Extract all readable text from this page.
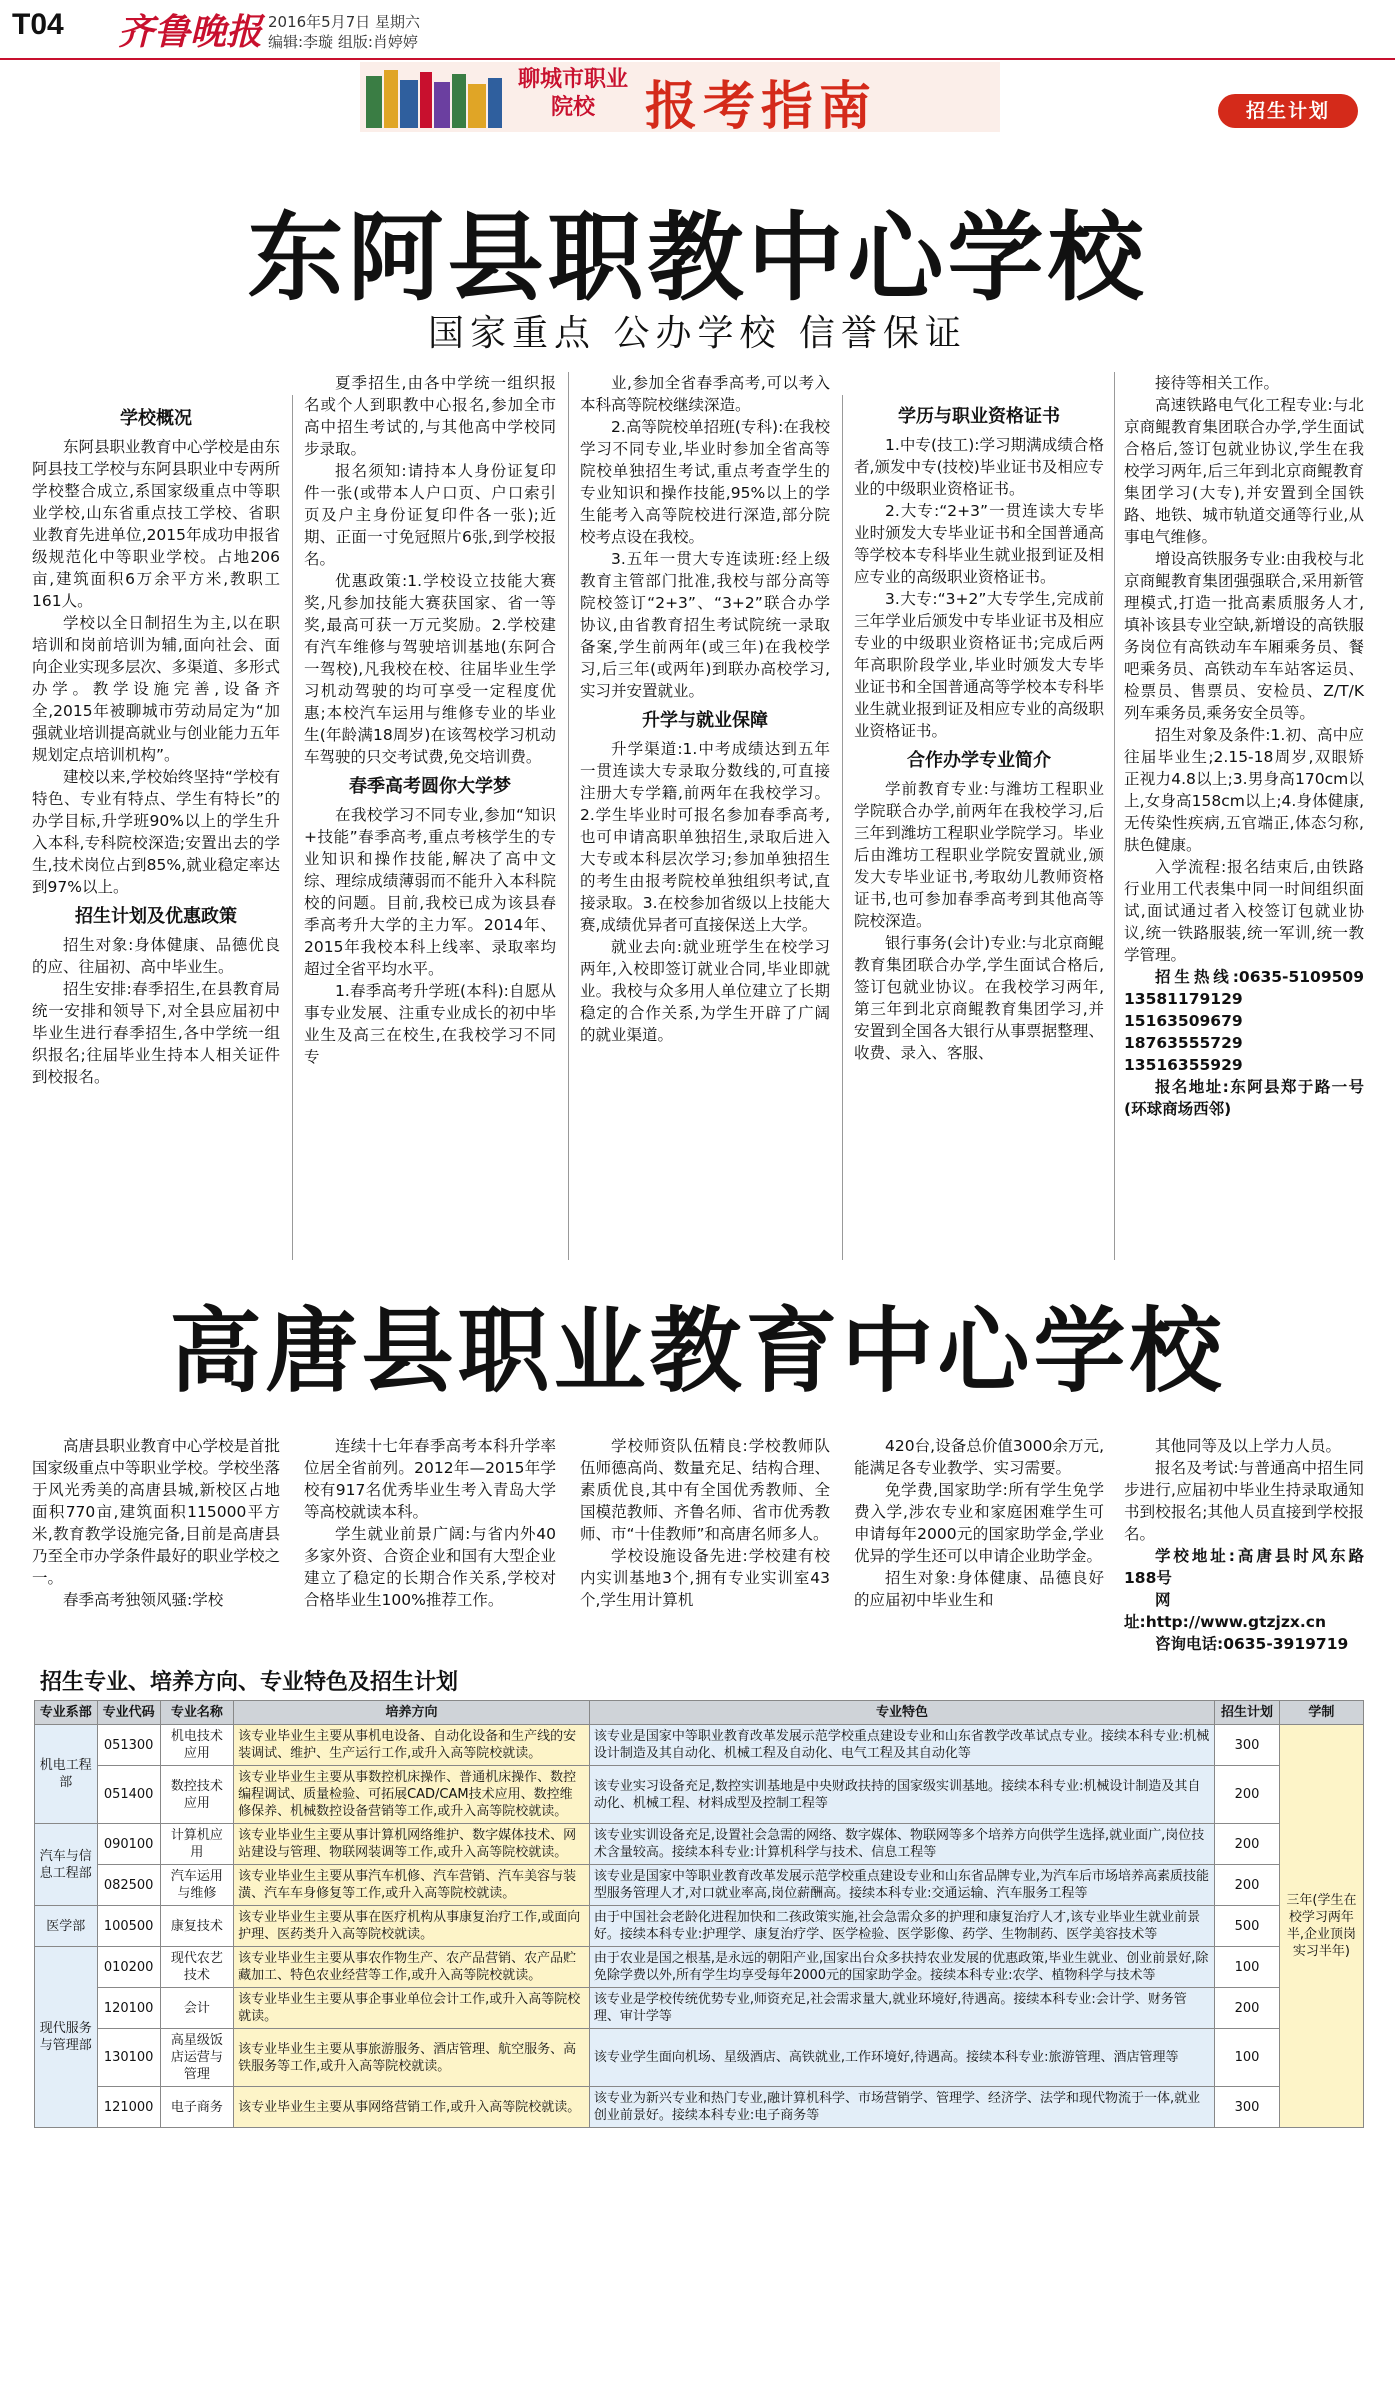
T04 齐鲁晚报 2016年5月7日 星期六
编辑:李璇 组版:肖婷婷
聊城市职业院校 报考指南	招生计划
东阿县职教中心学校
国家重点 公办学校 信誉保证
学校概况

东阿县职业教育中心学校是由东阿县技工学校与东阿县职业中专两所学校整合成立,系国家级重点中等职业学校,山东省重点技工学校、省职业教育先进单位,2015年成功申报省级规范化中等职业学校。占地206亩,建筑面积6万余平方米,教职工161人。

学校以全日制招生为主,以在职培训和岗前培训为辅,面向社会、面向企业实现多层次、多渠道、多形式办学。教学设施完善,设备齐全,2015年被聊城市劳动局定为“加强就业培训提高就业与创业能力五年规划定点培训机构”。

建校以来,学校始终坚持“学校有特色、专业有特点、学生有特长”的办学目标,升学班90%以上的学生升入本科,专科院校深造;安置出去的学生,技术岗位占到85%,就业稳定率达到97%以上。

招生计划及优惠政策

招生对象:身体健康、品德优良的应、往届初、高中毕业生。

招生安排:春季招生,在县教育局统一安排和领导下,对全县应届初中毕业生进行春季招生,各中学统一组织报名;往届毕业生持本人相关证件到校报名。

夏季招生,由各中学统一组织报名或个人到职教中心报名,参加全市高中招生考试的,与其他高中学校同步录取。

报名须知:请持本人身份证复印件一张(或带本人户口页、户口索引页及户主身份证复印件各一张);近期、正面一寸免冠照片6张,到学校报名。

优惠政策:1.学校设立技能大赛奖,凡参加技能大赛获国家、省一等奖,最高可获一万元奖励。2.学校建有汽车维修与驾驶培训基地(东阿合一驾校),凡我校在校、往届毕业生学习机动驾驶的均可享受一定程度优惠;本校汽车运用与维修专业的毕业生(年龄满18周岁)在该驾校学习机动车驾驶的只交考试费,免交培训费。

春季高考圆你大学梦

在我校学习不同专业,参加“知识+技能”春季高考,重点考核学生的专业知识和操作技能,解决了高中文综、理综成绩薄弱而不能升入本科院校的问题。目前,我校已成为该县春季高考升大学的主力军。2014年、2015年我校本科上线率、录取率均超过全省平均水平。

1.春季高考升学班(本科):自愿从事专业发展、注重专业成长的初中毕业生及高三在校生,在我校学习不同专

业,参加全省春季高考,可以考入本科高等院校继续深造。

2.高等院校单招班(专科):在我校学习不同专业,毕业时参加全省高等院校单独招生考试,重点考查学生的专业知识和操作技能,95%以上的学生能考入高等院校进行深造,部分院校考点设在我校。

3.五年一贯大专连读班:经上级教育主管部门批准,我校与部分高等院校签订“2+3”、“3+2”联合办学协议,由省教育招生考试院统一录取备案,学生前两年(或三年)在我校学习,后三年(或两年)到联办高校学习,实习并安置就业。

升学与就业保障

升学渠道:1.中考成绩达到五年一贯连读大专录取分数线的,可直接注册大专学籍,前两年在我校学习。2.学生毕业时可报名参加春季高考,也可申请高职单独招生,录取后进入大专或本科层次学习;参加单独招生的考生由报考院校单独组织考试,直接录取。3.在校参加省级以上技能大赛,成绩优异者可直接保送上大学。

就业去向:就业班学生在校学习两年,入校即签订就业合同,毕业即就业。我校与众多用人单位建立了长期稳定的合作关系,为学生开辟了广阔的就业渠道。

学历与职业资格证书

1.中专(技工):学习期满成绩合格者,颁发中专(技校)毕业证书及相应专业的中级职业资格证书。

2.大专:“2+3”一贯连读大专毕业时颁发大专毕业证书和全国普通高等学校本专科毕业生就业报到证及相应专业的高级职业资格证书。

3.大专:“3+2”大专学生,完成前三年学业后颁发中专毕业证书及相应专业的中级职业资格证书;完成后两年高职阶段学业,毕业时颁发大专毕业证书和全国普通高等学校本专科毕业生就业报到证及相应专业的高级职业资格证书。

合作办学专业简介

学前教育专业:与潍坊工程职业学院联合办学,前两年在我校学习,后三年到潍坊工程职业学院学习。毕业后由潍坊工程职业学院安置就业,颁发大专毕业证书,考取幼儿教师资格证书,也可参加春季高考到其他高等院校深造。

银行事务(会计)专业:与北京商鲲教育集团联合办学,学生面试合格后,签订包就业协议。在我校学习两年,第三年到北京商鲲教育集团学习,并安置到全国各大银行从事票据整理、收费、录入、客服、

接待等相关工作。

高速铁路电气化工程专业:与北京商鲲教育集团联合办学,学生面试合格后,签订包就业协议,学生在我校学习两年,后三年到北京商鲲教育集团学习(大专),并安置到全国铁路、地铁、城市轨道交通等行业,从事电气维修。

增设高铁服务专业:由我校与北京商鲲教育集团强强联合,采用新管理模式,打造一批高素质服务人才,填补该县专业空缺,新增设的高铁服务岗位有高铁动车车厢乘务员、餐吧乘务员、高铁动车车站客运员、检票员、售票员、安检员、Z/T/K列车乘务员,乘务安全员等。

招生对象及条件:1.初、高中应往届毕业生;2.15-18周岁,双眼矫正视力4.8以上;3.男身高170cm以上,女身高158cm以上;4.身体健康,无传染性疾病,五官端正,体态匀称,肤色健康。

入学流程:报名结束后,由铁路行业用工代表集中同一时间组织面试,面试通过者入校签订包就业协议,统一铁路服装,统一军训,统一教学管理。

招生热线:0635-5109509 13581179129 15163509679 18763555729 13516355929

报名地址:东阿县郑于路一号(环球商场西邻)

高唐县职业教育中心学校

高唐县职业教育中心学校是首批国家级重点中等职业学校。学校坐落于风光秀美的高唐县城,新校区占地面积770亩,建筑面积115000平方米,教育教学设施完备,目前是高唐县乃至全市办学条件最好的职业学校之一。

春季高考独领风骚:学校

连续十七年春季高考本科升学率位居全省前列。2012年—2015年学校有917名优秀毕业生考入青岛大学等高校就读本科。

学生就业前景广阔:与省内外40多家外资、合资企业和国有大型企业建立了稳定的长期合作关系,学校对合格毕业生100%推荐工作。

学校师资队伍精良:学校教师队伍师德高尚、数量充足、结构合理、素质优良,其中有全国优秀教师、全国模范教师、齐鲁名师、省市优秀教师、市“十佳教师”和高唐名师多人。

学校设施设备先进:学校建有校内实训基地3个,拥有专业实训室43个,学生用计算机

420台,设备总价值3000余万元,能满足各专业教学、实习需要。

免学费,国家助学:所有学生免学费入学,涉农专业和家庭困难学生可申请每年2000元的国家助学金,学业优异的学生还可以申请企业助学金。

招生对象:身体健康、品德良好的应届初中毕业生和

其他同等及以上学力人员。

报名及考试:与普通高中招生同步进行,应届初中毕业生持录取通知书到校报名;其他人员直接到学校报名。

学校地址:高唐县时风东路188号

网址:http://www.gtzjzx.cn

咨询电话:0635-3919719

招生专业、培养方向、专业特色及招生计划
专业系部	专业代码	专业名称	培养方向	专业特色	招生计划	学制
机电工程部	051300	机电技术应用	该专业毕业生主要从事机电设备、自动化设备和生产线的安装调试、维护、生产运行工作,或升入高等院校就读。	该专业是国家中等职业教育改革发展示范学校重点建设专业和山东省教学改革试点专业。接续本科专业:机械设计制造及其自动化、机械工程及自动化、电气工程及其自动化等	300	三年(学生在校学习两年半,企业顶岗实习半年)
	051400	数控技术应用	该专业毕业生主要从事数控机床操作、普通机床操作、数控编程调试、质量检验、可拓展CAD/CAM技术应用、数控维修保养、机械数控设备营销等工作,或升入高等院校就读。	该专业实习设备充足,数控实训基地是中央财政扶持的国家级实训基地。接续本科专业:机械设计制造及其自动化、机械工程、材料成型及控制工程等	200	
汽车与信息工程部	090100	计算机应用	该专业毕业生主要从事计算机网络维护、数字媒体技术、网站建设与管理、物联网装调等工作,或升入高等院校就读。	该专业实训设备充足,设置社会急需的网络、数字媒体、物联网等多个培养方向供学生选择,就业面广,岗位技术含量较高。接续本科专业:计算机科学与技术、信息工程等	200	
	082500	汽车运用与维修	该专业毕业生主要从事汽车机修、汽车营销、汽车美容与装潢、汽车车身修复等工作,或升入高等院校就读。	该专业是国家中等职业教育改革发展示范学校重点建设专业和山东省品牌专业,为汽车后市场培养高素质技能型服务管理人才,对口就业率高,岗位薪酬高。接续本科专业:交通运输、汽车服务工程等	200	
医学部	100500	康复技术	该专业毕业生主要从事在医疗机构从事康复治疗工作,或面向护理、医药类升入高等院校就读。	由于中国社会老龄化进程加快和二孩政策实施,社会急需众多的护理和康复治疗人才,该专业毕业生就业前景好。接续本科专业:护理学、康复治疗学、医学检验、医学影像、药学、生物制药、医学美容技术等	500	
现代服务与管理部	010200	现代农艺技术	该专业毕业生主要从事农作物生产、农产品营销、农产品贮藏加工、特色农业经营等工作,或升入高等院校就读。	由于农业是国之根基,是永远的朝阳产业,国家出台众多扶持农业发展的优惠政策,毕业生就业、创业前景好,除免除学费以外,所有学生均享受每年2000元的国家助学金。接续本科专业:农学、植物科学与技术等	100	
	120100	会计	该专业毕业生主要从事企事业单位会计工作,或升入高等院校就读。	该专业是学校传统优势专业,师资充足,社会需求量大,就业环境好,待遇高。接续本科专业:会计学、财务管理、审计学等	200	
	130100	高星级饭店运营与管理	该专业毕业生主要从事旅游服务、酒店管理、航空服务、高铁服务等工作,或升入高等院校就读。	该专业学生面向机场、星级酒店、高铁就业,工作环境好,待遇高。接续本科专业:旅游管理、酒店管理等	100	
	121000	电子商务	该专业毕业生主要从事网络营销工作,或升入高等院校就读。	该专业为新兴专业和热门专业,融计算机科学、市场营销学、管理学、经济学、法学和现代物流于一体,就业创业前景好。接续本科专业:电子商务等	300	
